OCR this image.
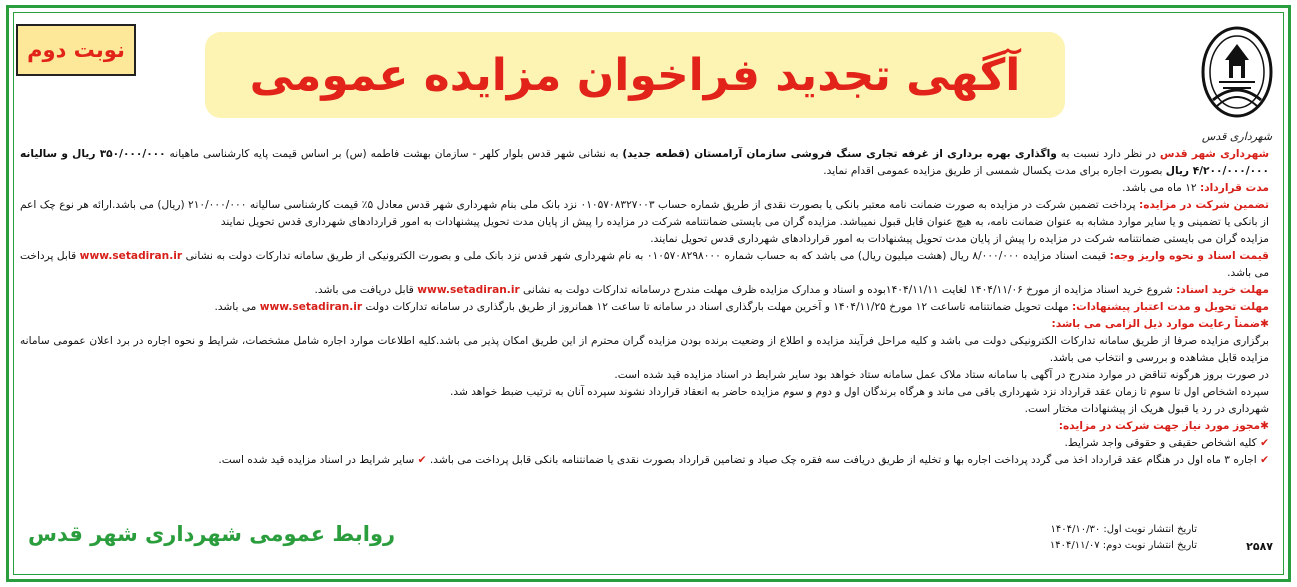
شهرداری قدس
آگهی تجدید فراخوان مزایده عمومی
نوبت دوم

شهرداری شهر قدس در نظر دارد نسبت به واگذاری بهره برداری از غرفه تجاری سنگ فروشی سازمان آرامستان (قطعه جدید) به نشانی شهر قدس بلوار کلهر - سازمان بهشت فاطمه (س) بر اساس قیمت پایه کارشناسی ماهیانه ۳۵۰/۰۰۰/۰۰۰ ریال و سالیانه ۴/۲۰۰/۰۰۰/۰۰۰ ریال بصورت اجاره برای مدت یکسال شمسی از طریق مزایده عمومی اقدام نماید.

مدت قرارداد: ۱۲ ماه می باشد.

تضمین شرکت در مزایده: پرداخت تضمین شرکت در مزایده به صورت ضمانت نامه معتبر بانکی یا بصورت نقدی از طریق شماره حساب ۰۱۰۵۷۰۸۳۲۷۰۰۳ نزد بانک ملی بنام شهرداری شهر قدس معادل ۵٪ قیمت کارشناسی سالیانه ۲۱۰/۰۰۰/۰۰۰ (ریال) می باشد.ارائه هر نوع چک اعم از بانکی یا تضمینی و یا سایر موارد مشابه به عنوان ضمانت نامه، به هیچ عنوان قابل قبول نمیباشد. مزایده گران می بایستی ضمانتنامه شرکت در مزایده را پیش از پایان مدت تحویل پیشنهادات به امور قراردادهای شهرداری قدس تحویل نمایند

مزایده گران می بایستی ضمانتنامه شرکت در مزایده را پیش از پایان مدت تحویل پیشنهادات به امور قراردادهای شهرداری قدس تحویل نمایند.

قیمت اسناد و نحوه واریز وجه: قیمت اسناد مزایده ۸/۰۰۰/۰۰۰ ریال (هشت میلیون ریال) می باشد که به حساب شماره ۰۱۰۵۷۰۸۲۹۸۰۰۰ به نام شهرداری شهر قدس نزد بانک ملی و بصورت الکترونیکی از طریق سامانه تدارکات دولت به نشانی www.setadiran.ir قابل پرداخت می باشد.

مهلت خرید اسناد: شروع خرید اسناد مزایده از مورخ ۱۴۰۴/۱۱/۰۶ لغایت ۱۴۰۴/۱۱/۱۱بوده و اسناد و مدارک مزایده ظرف مهلت مندرج درسامانه تدارکات دولت به نشانی www.setadiran.ir قابل دریافت می باشد.

مهلت تحویل و مدت اعتبار پیشنهادات: مهلت تحویل ضمانتنامه تاساعت ۱۲ مورخ ۱۴۰۴/۱۱/۲۵ و آخرین مهلت بارگذاری اسناد در سامانه تا ساعت ۱۲ همانروز از طریق بارگذاری در سامانه تدارکات دولت www.setadiran.ir می باشد.

✱ضمناً رعایت موارد ذیل الزامی می باشد:

برگزاری مزایده صرفا از طریق سامانه تدارکات الکترونیکی دولت می باشد و کلیه مراحل فرآیند مزایده و اطلاع از وضعیت برنده بودن مزایده گران محترم از این طریق امکان پذیر می باشد.کلیه اطلاعات موارد اجاره شامل مشخصات، شرایط و نحوه اجاره در برد اعلان عمومی سامانه مزایده قابل مشاهده و بررسی و انتخاب می باشد.

در صورت بروز هرگونه تناقض در موارد مندرج در آگهی با سامانه ستاد ملاک عمل سامانه ستاد خواهد بود سایر شرایط در اسناد مزایده قید شده است.

سپرده اشخاص اول تا سوم تا زمان عقد قرارداد نزد شهرداری باقی می ماند و هرگاه برندگان اول و دوم و سوم مزایده حاضر به انعقاد قرارداد نشوند سپرده آنان به ترتیب ضبط خواهد شد.

شهرداری در رد یا قبول هریک از پیشنهادات مختار است.

✱مجوز مورد نیاز جهت شرکت در مزایده:

✔ کلیه اشخاص حقیقی و حقوقی واجد شرایط.

✔ اجاره ۳ ماه اول در هنگام عقد قرارداد اخذ می گردد پرداخت اجاره بها و تخلیه از طریق دریافت سه فقره چک صیاد و تضامین قرارداد بصورت نقدی یا ضمانتنامه بانکی قابل پرداخت می باشد. ✔ سایر شرایط در اسناد مزایده قید شده است.

روابط عمومی شهرداری شهر قدس	تاریخ انتشار نوبت اول: ۱۴۰۴/۱۰/۳۰
تاریخ انتشار نوبت دوم: ۱۴۰۴/۱۱/۰۷	۲۵۸۷
